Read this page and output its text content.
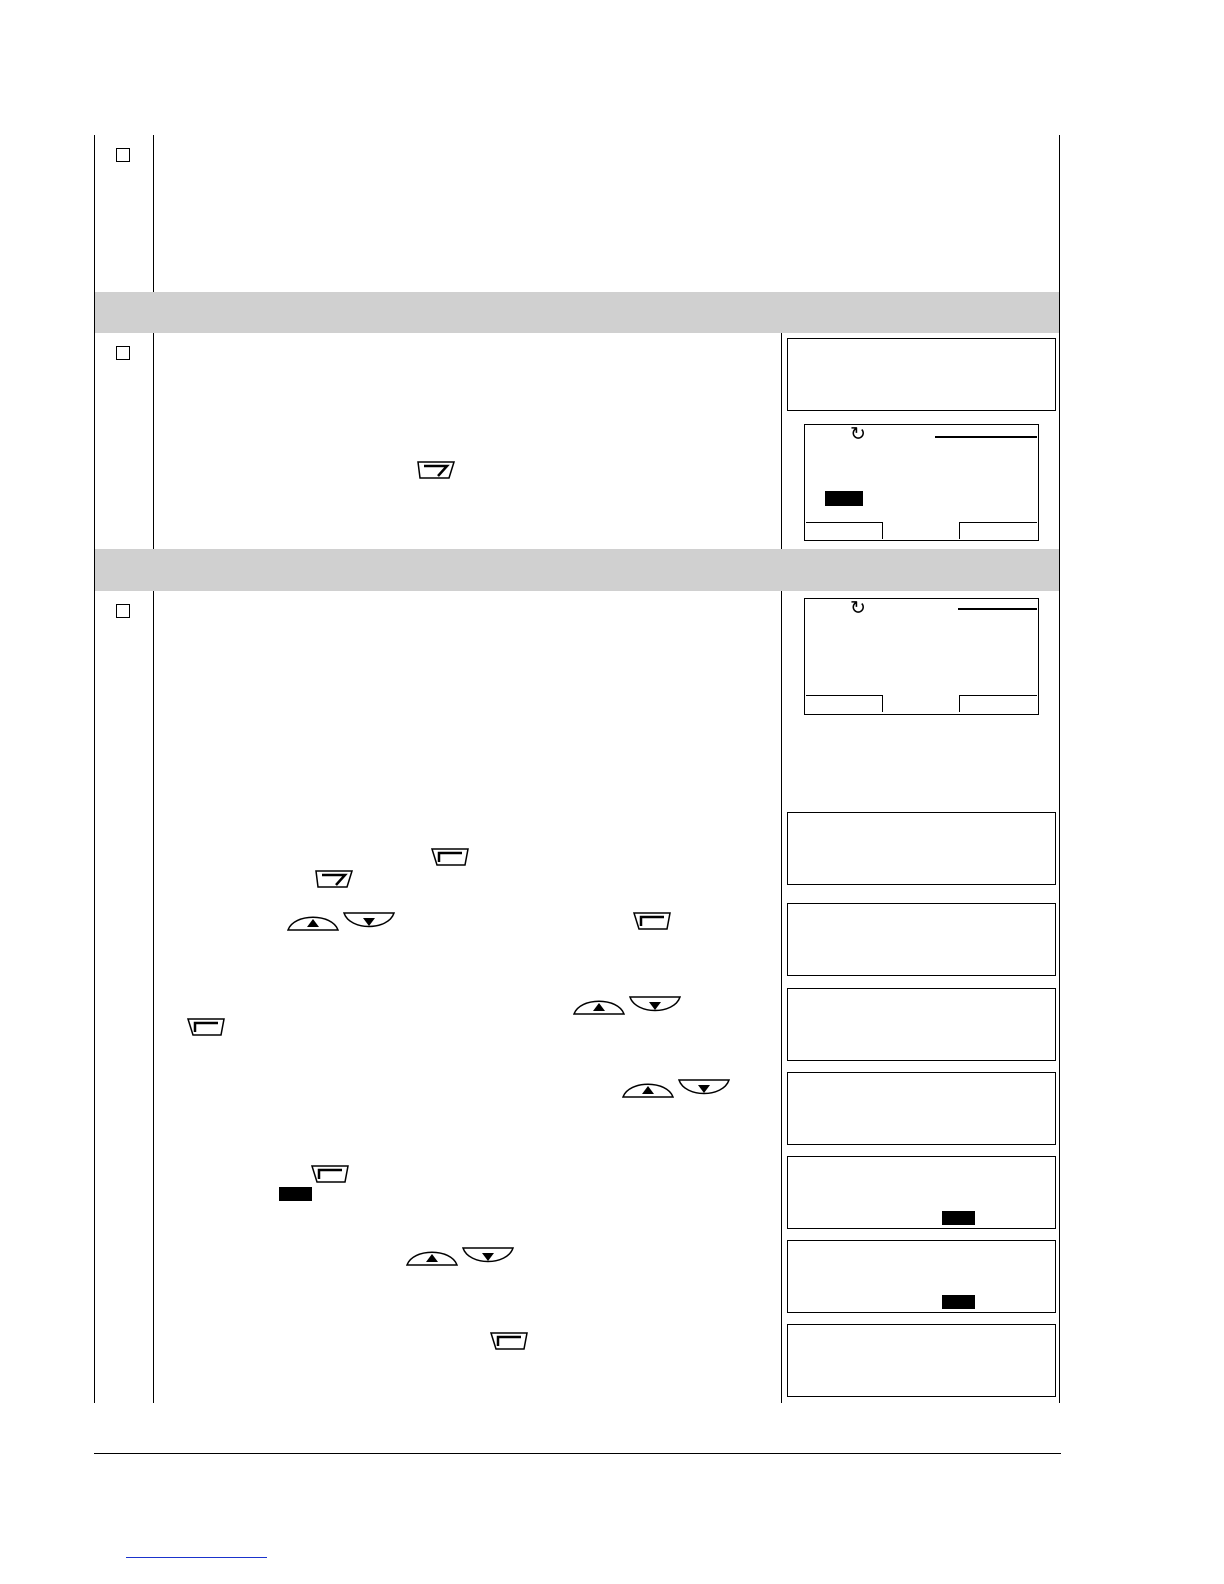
↻
↻
